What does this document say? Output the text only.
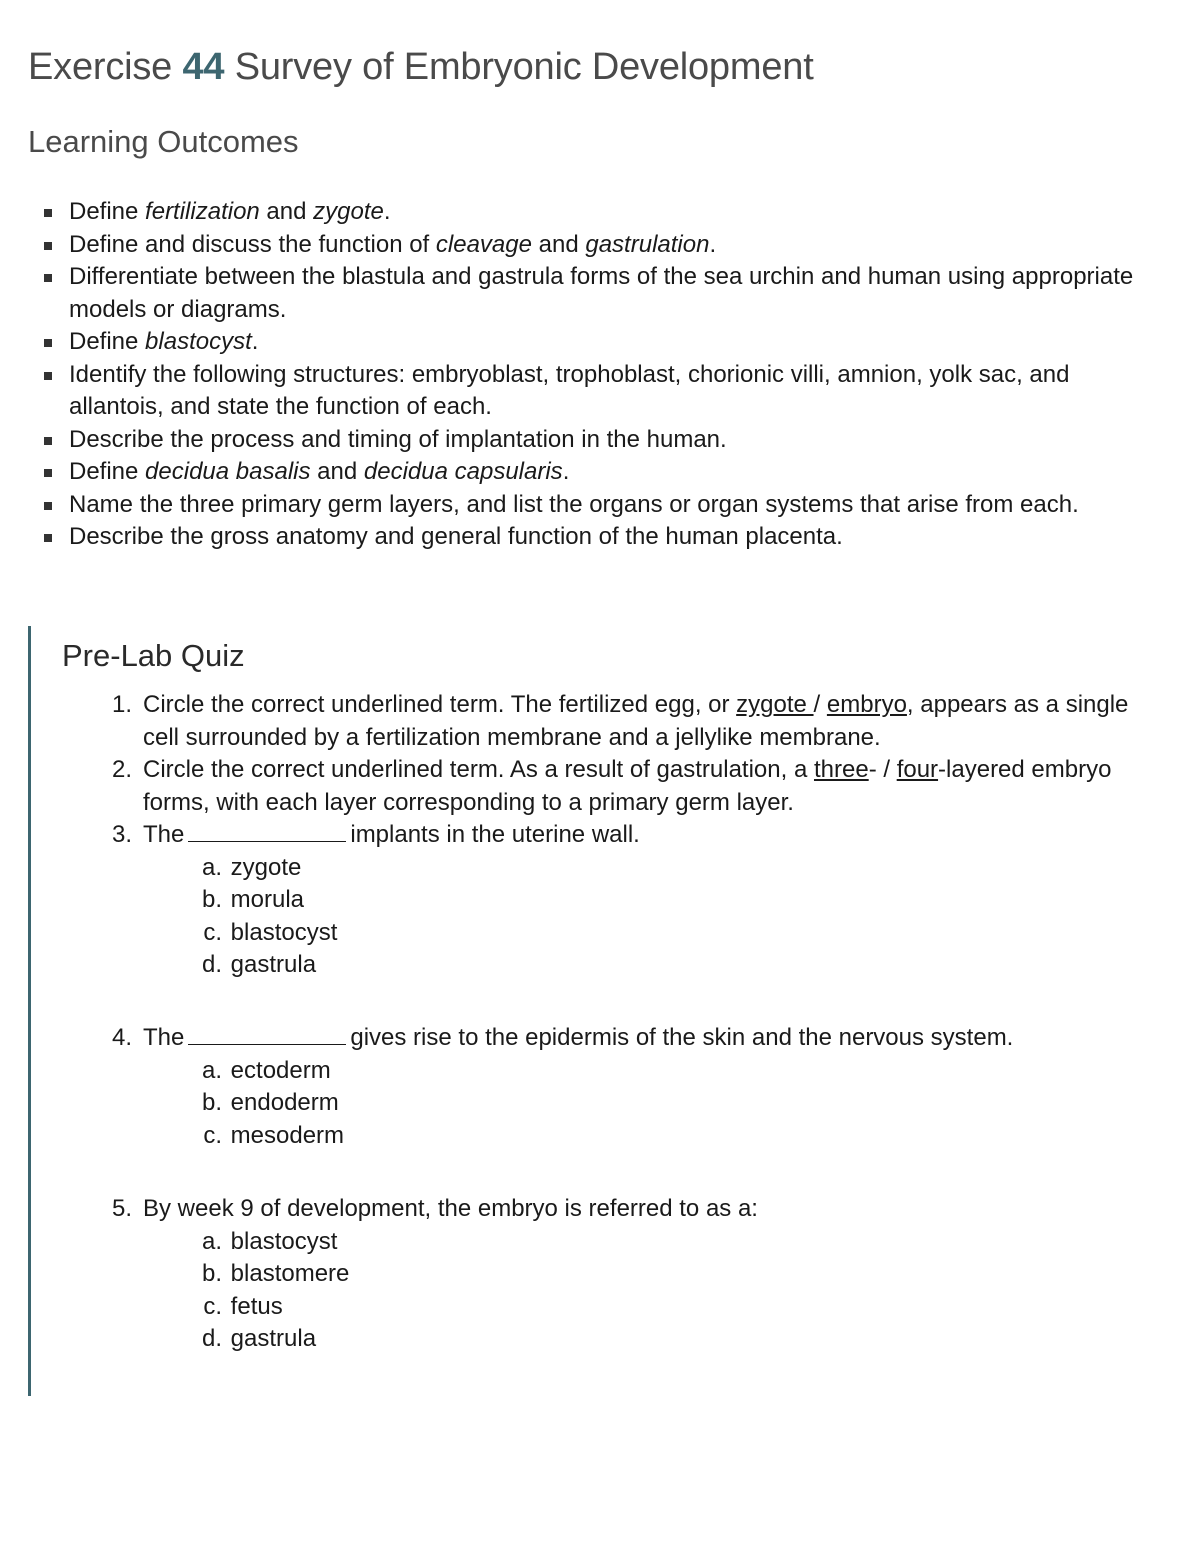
Exercise 44 Survey of Embryonic Development
Learning Outcomes
Define fertilization and zygote.
Define and discuss the function of cleavage and gastrulation.
Differentiate between the blastula and gastrula forms of the sea urchin and human using appropriate models or diagrams.
Define blastocyst.
Identify the following structures: embryoblast, trophoblast, chorionic villi, amnion, yolk sac, and allantois, and state the function of each.
Describe the process and timing of implantation in the human.
Define decidua basalis and decidua capsularis.
Name the three primary germ layers, and list the organs or organ systems that arise from each.
Describe the gross anatomy and general function of the human placenta.
Pre-Lab Quiz
1. Circle the correct underlined term. The fertilized egg, or zygote / embryo, appears as a single cell surrounded by a fertilization membrane and a jellylike membrane.
2. Circle the correct underlined term. As a result of gastrulation, a three- / four-layered embryo forms, with each layer corresponding to a primary germ layer.
3. The	implants in the uterine wall.
a. zygote
b. morula
c. blastocyst
d. gastrula
4. The	gives rise to the epidermis of the skin and the nervous system.
a. ectoderm
b. endoderm
c. mesoderm
5. By week 9 of development, the embryo is referred to as a:
a. blastocyst
b. blastomere
c. fetus
d. gastrula
